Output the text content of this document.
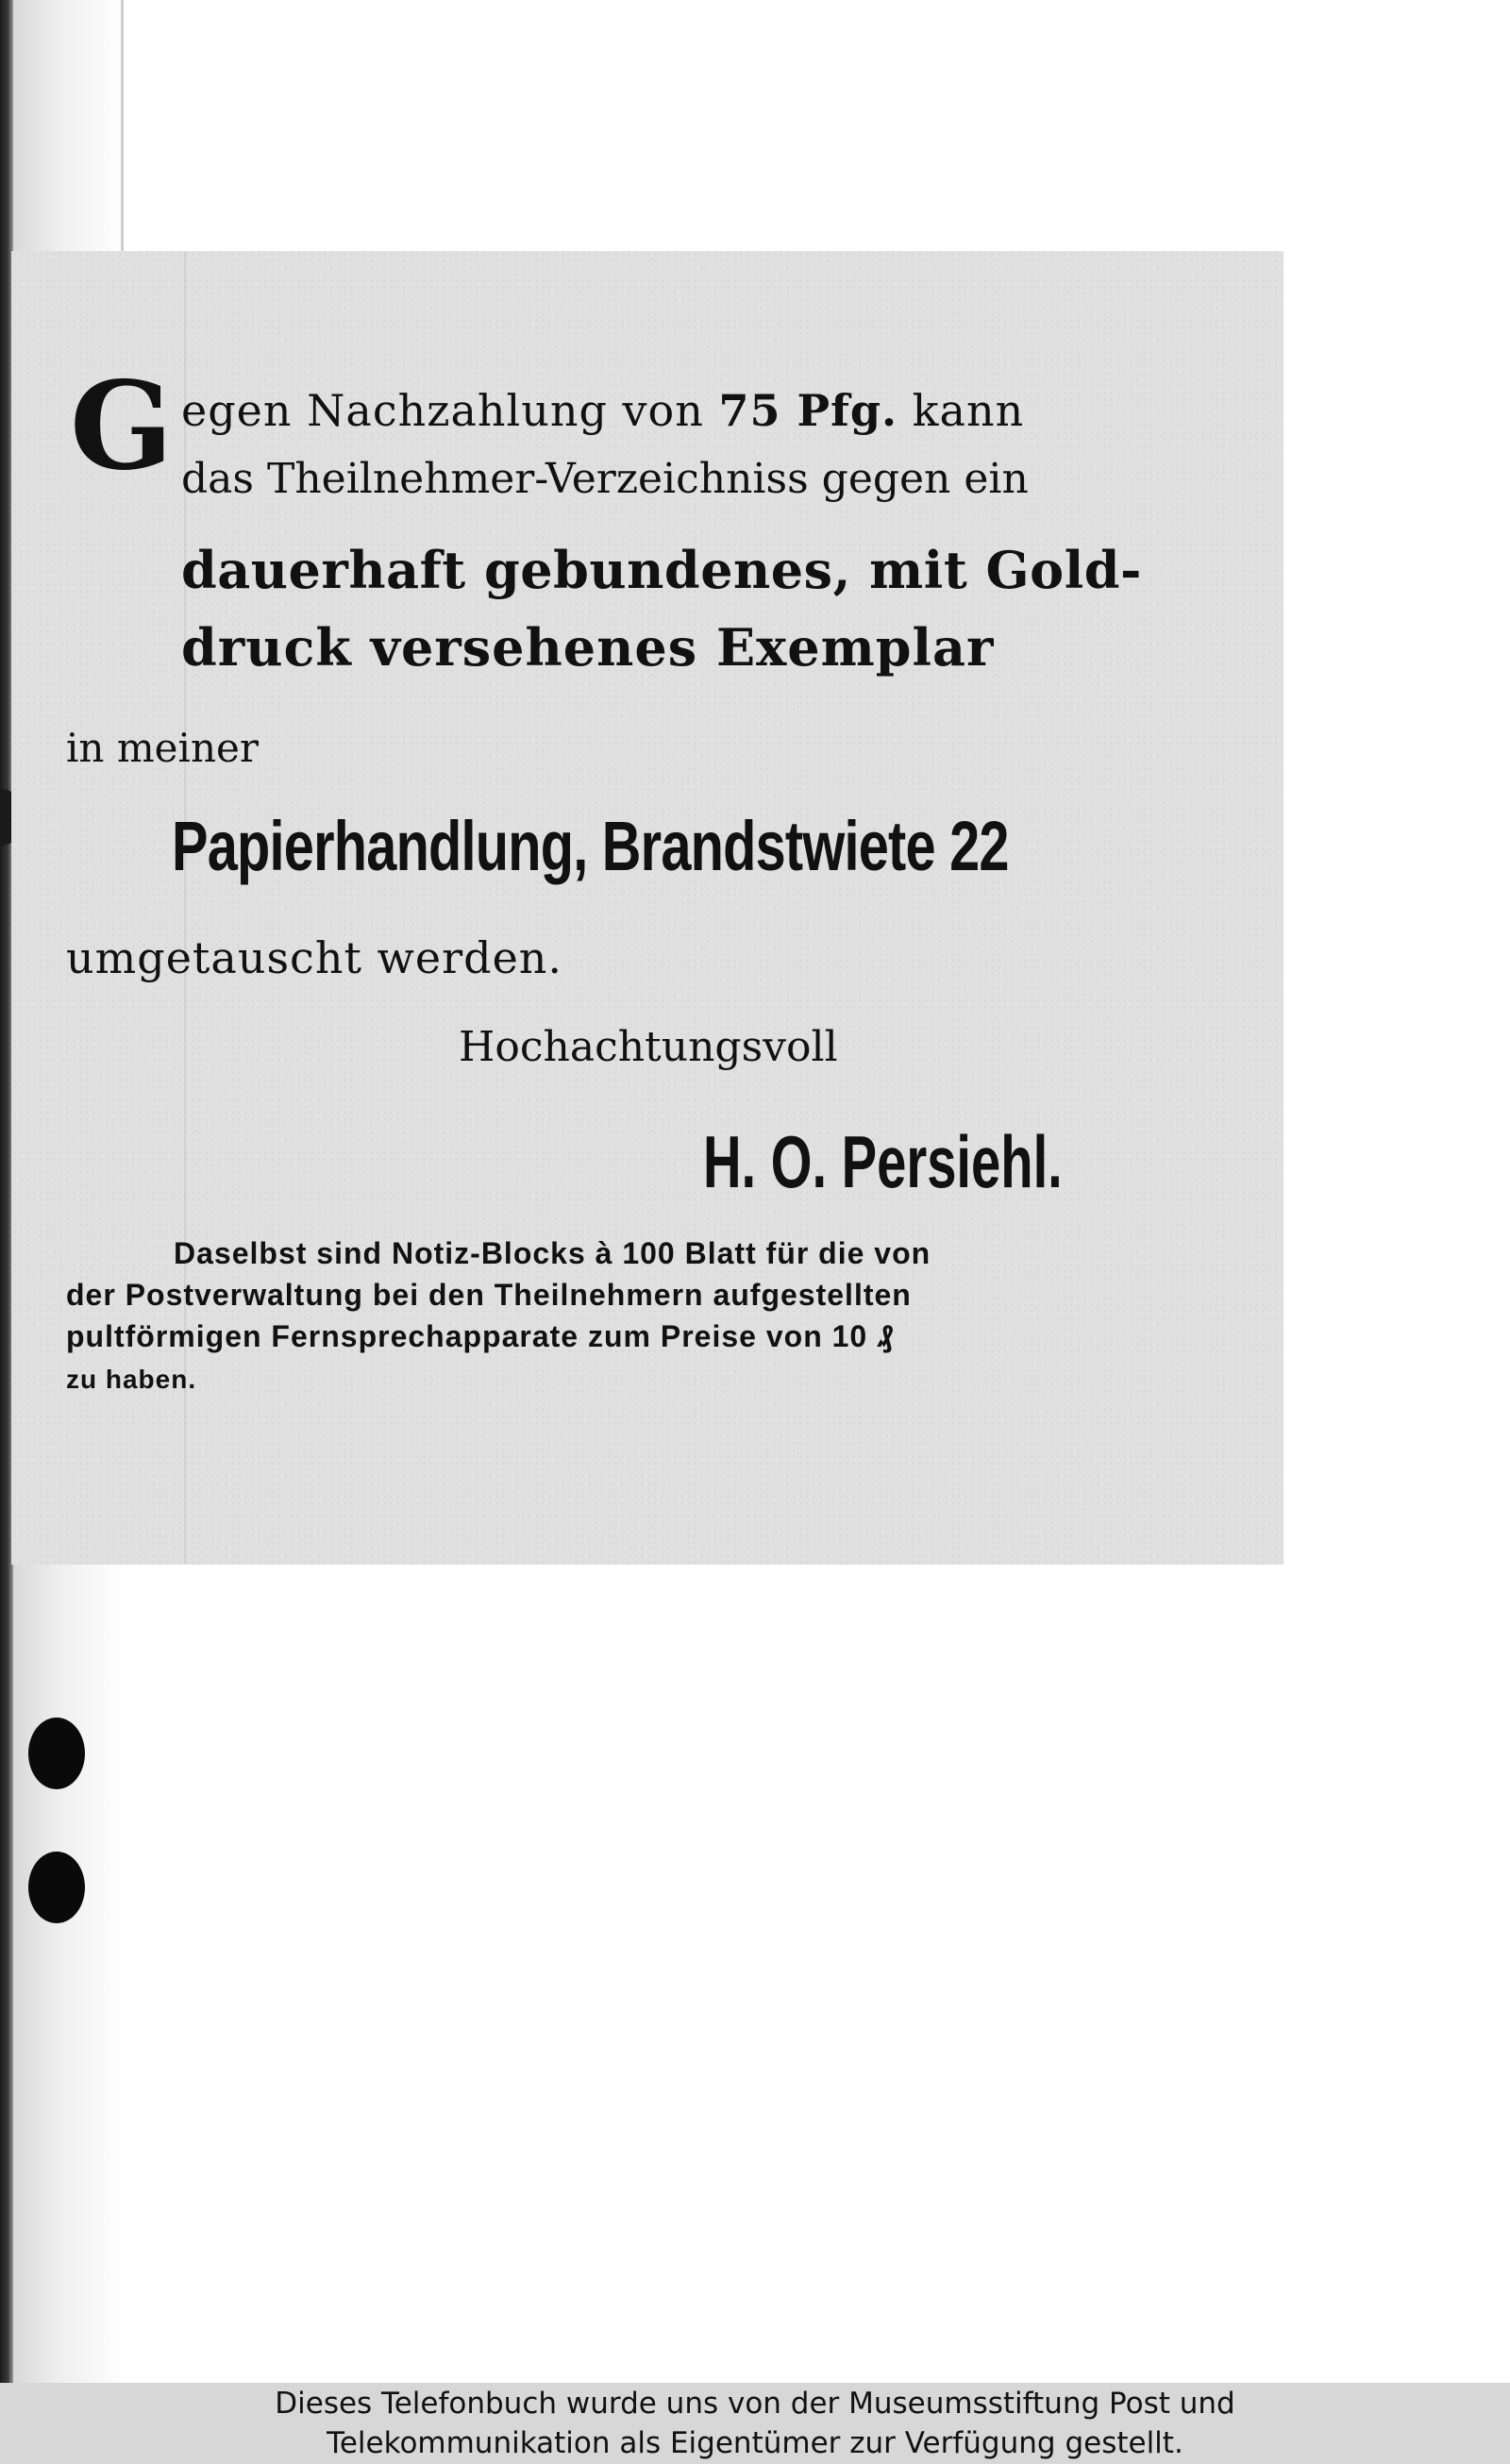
G egen Nachzahlung von 75 Pfg. kann

das Theilnehmer-Verzeichniss gegen ein

dauerhaft gebundenes, mit Gold-

druck versehenes Exemplar

in meiner

Papierhandlung, Brandstwiete 22

umgetauscht werden.

Hochachtungsvoll

H. O. Persiehl.

Daselbst sind Notiz-Blocks à 100 Blatt für die von

der Postverwaltung bei den Theilnehmern aufgestellten

pultförmigen Fernsprechapparate zum Preise von 10 ₰

zu haben.

Dieses Telefonbuch wurde uns von der Museumsstiftung Post und
Telekommunikation als Eigentümer zur Verfügung gestellt.
